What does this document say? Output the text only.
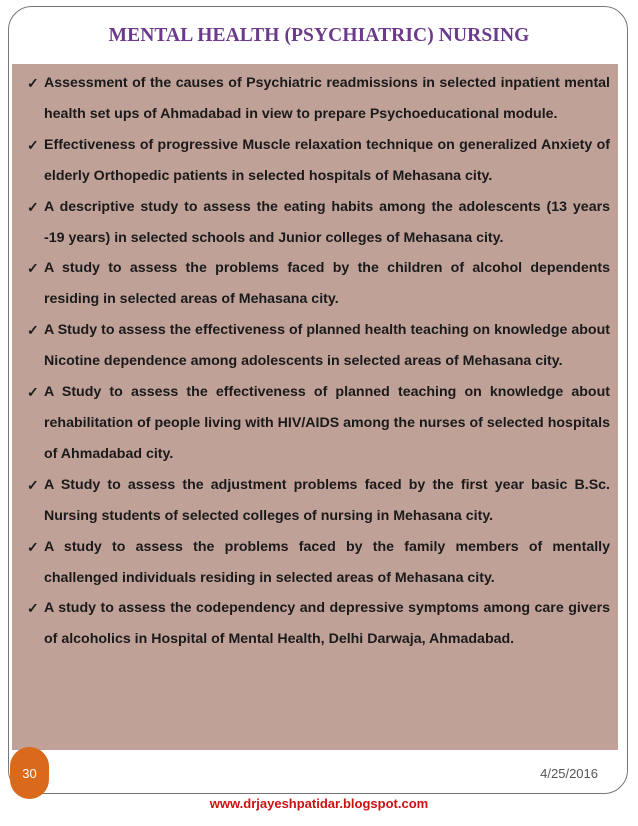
MENTAL HEALTH (PSYCHIATRIC) NURSING
✓ Assessment of the causes of Psychiatric readmissions in selected inpatient mental health set ups of Ahmadabad in view to prepare Psychoeducational module.
✓ Effectiveness of progressive Muscle relaxation technique on generalized Anxiety of elderly Orthopedic patients in selected hospitals of Mehasana city.
✓ A descriptive study to assess the eating habits among the adolescents (13 years -19 years) in selected schools and Junior colleges of Mehasana city.
✓ A study to assess the problems faced by the children of alcohol dependents residing in selected areas of Mehasana city.
✓ A Study to assess the effectiveness of planned health teaching on knowledge about Nicotine dependence among adolescents in selected areas of Mehasana city.
✓ A Study to assess the effectiveness of planned teaching on knowledge about rehabilitation of people living with HIV/AIDS among the nurses of selected hospitals of Ahmadabad city.
✓ A Study to assess the adjustment problems faced by the first year basic B.Sc. Nursing students of selected colleges of nursing in Mehasana city.
✓ A study to assess the problems faced by the family members of mentally challenged individuals residing in selected areas of Mehasana city.
✓ A study to assess the codependency and depressive symptoms among care givers of alcoholics in Hospital of Mental Health, Delhi Darwaja, Ahmadabad.
30	4/25/2016
www.drjayeshpatidar.blogspot.com
